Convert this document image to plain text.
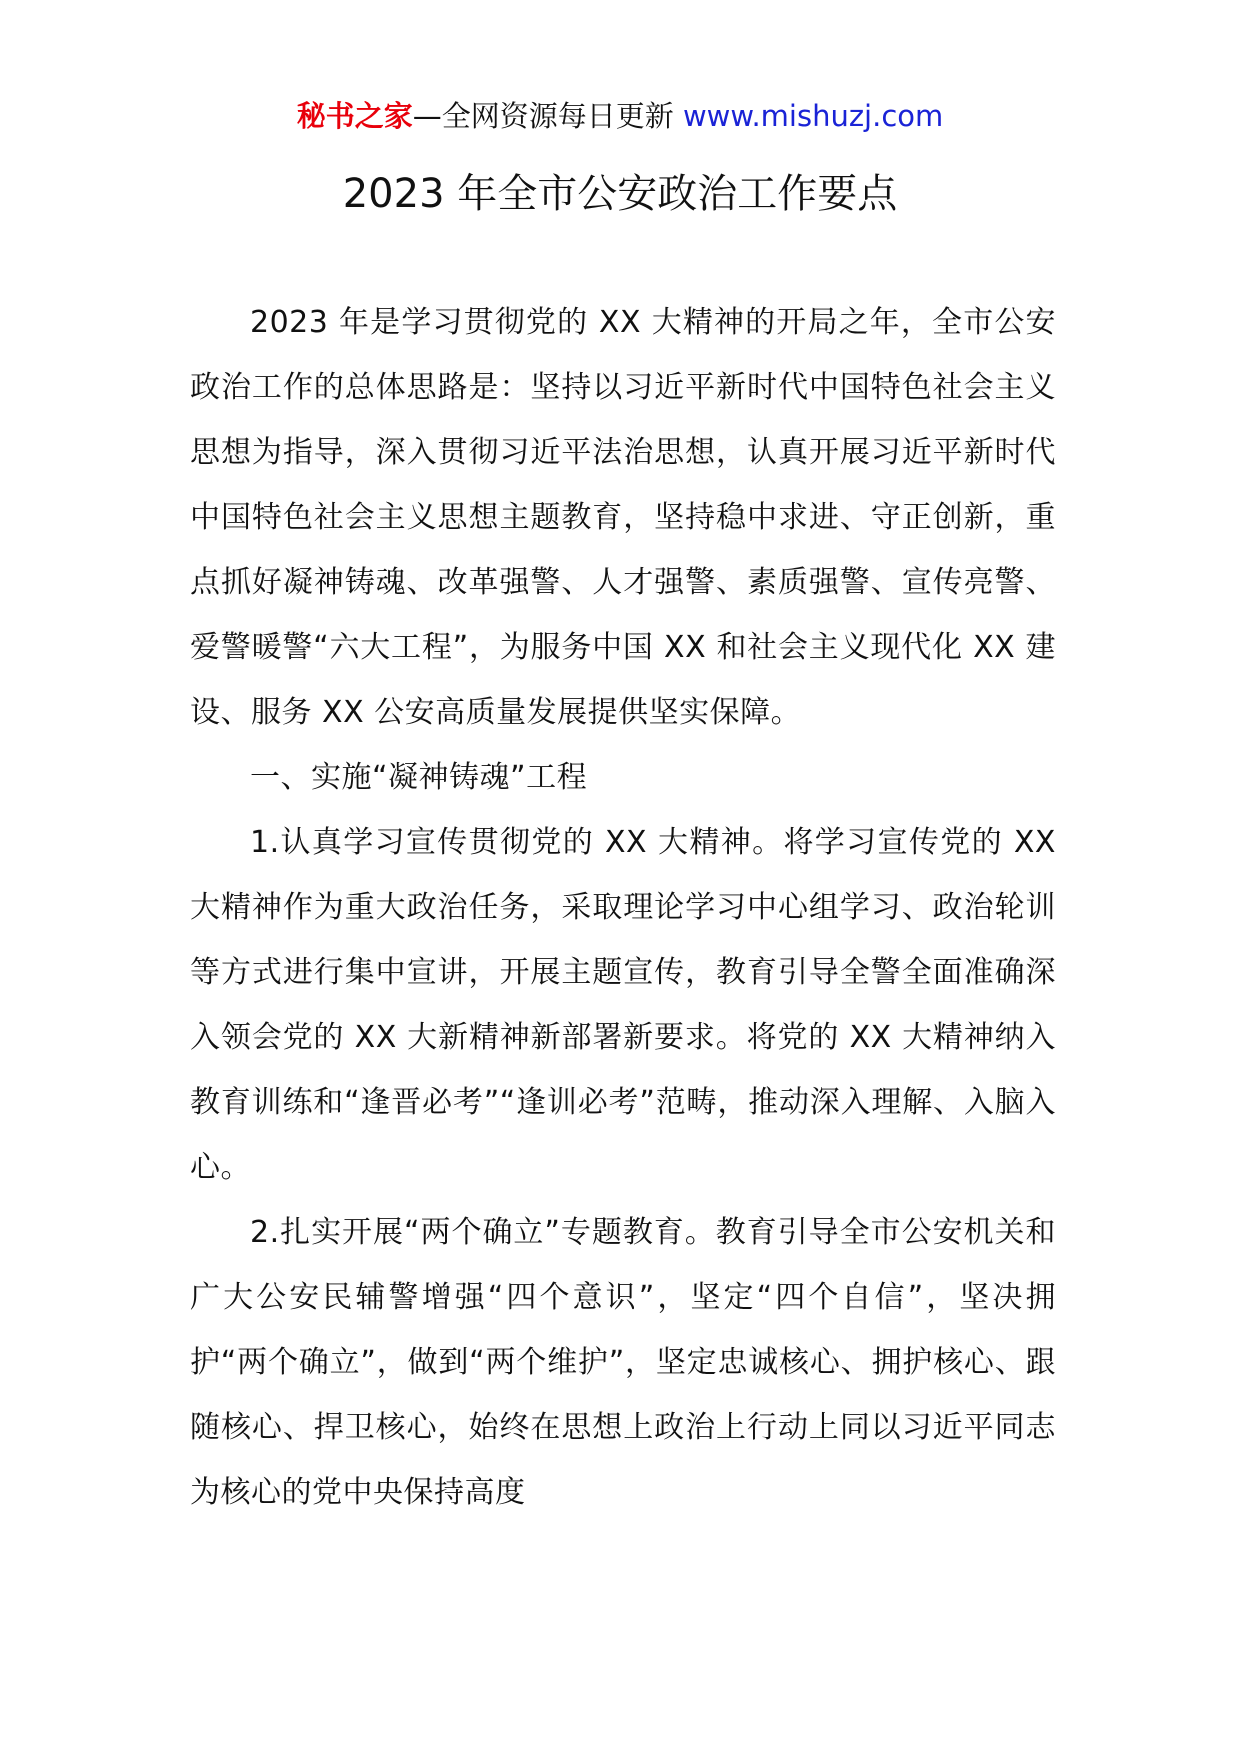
秘书之家—全网资源每日更新 www.mishuzj.com
2023 年全市公安政治工作要点

2023 年是学习贯彻党的 XX 大精神的开局之年，全市公安政治工作的总体思路是：坚持以习近平新时代中国特色社会主义思想为指导，深入贯彻习近平法治思想，认真开展习近平新时代中国特色社会主义思想主题教育，坚持稳中求进、守正创新，重点抓好凝神铸魂、改革强警、人才强警、素质强警、宣传亮警、爱警暖警“六大工程”，为服务中国 XX 和社会主义现代化 XX 建设、服务 XX 公安高质量发展提供坚实保障。

一、实施“凝神铸魂”工程

1.认真学习宣传贯彻党的 XX 大精神。将学习宣传党的 XX 大精神作为重大政治任务，采取理论学习中心组学习、政治轮训等方式进行集中宣讲，开展主题宣传，教育引导全警全面准确深入领会党的 XX 大新精神新部署新要求。将党的 XX 大精神纳入教育训练和“逢晋必考”“逢训必考”范畴，推动深入理解、入脑入心。

2.扎实开展“两个确立”专题教育。教育引导全市公安机关和广大公安民辅警增强“四个意识”，坚定“四个自信”，坚决拥护“两个确立”，做到“两个维护”，坚定忠诚核心、拥护核心、跟随核心、捍卫核心，始终在思想上政治上行动上同以习近平同志为核心的党中央保持高度
